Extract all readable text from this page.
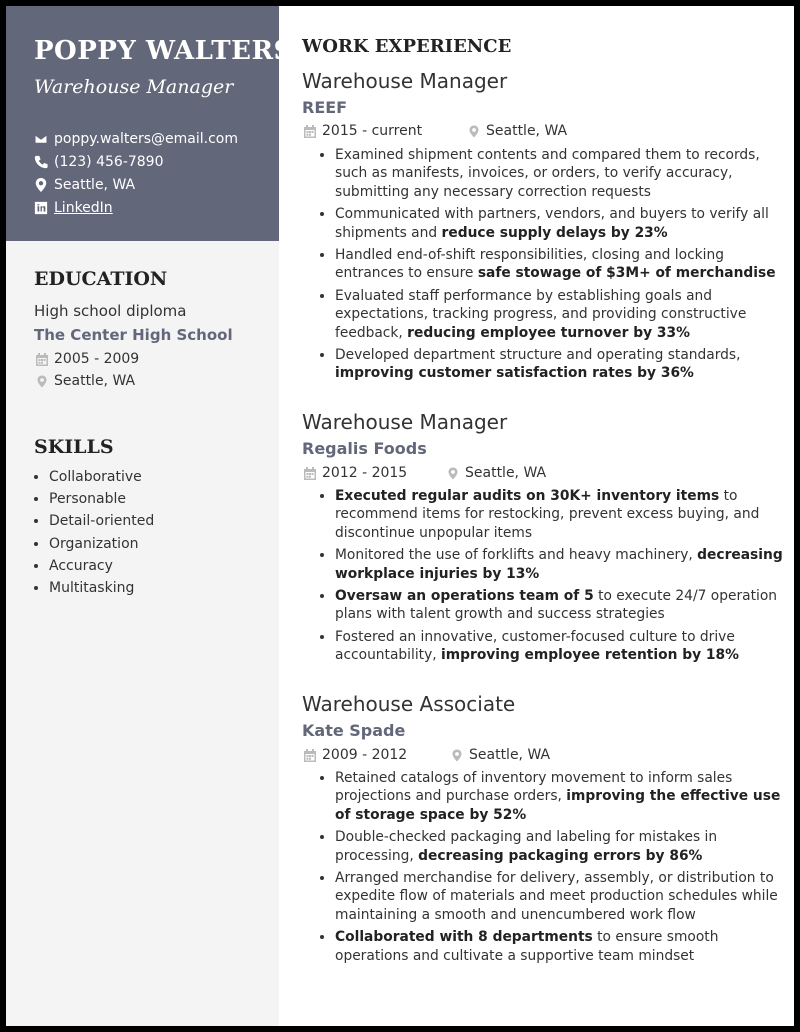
POPPY WALTERS
Warehouse Manager
poppy.walters@email.com
(123) 456-7890
Seattle, WA
LinkedIn
EDUCATION
High school diploma
The Center High School
2005 - 2009
Seattle, WA
SKILLS
• Collaborative
• Personable
• Detail-oriented
• Organization
• Accuracy
• Multitasking
WORK EXPERIENCE
Warehouse Manager
REEF
2015 - current	Seattle, WA
• Examined shipment contents and compared them to records, such as manifests, invoices, or orders, to verify accuracy, submitting any necessary correction requests
• Communicated with partners, vendors, and buyers to verify all shipments and reduce supply delays by 23%
• Handled end-of-shift responsibilities, closing and locking entrances to ensure safe stowage of $3M+ of merchandise
• Evaluated staff performance by establishing goals and expectations, tracking progress, and providing constructive feedback, reducing employee turnover by 33%
• Developed department structure and operating standards, improving customer satisfaction rates by 36%
Warehouse Manager
Regalis Foods
2012 - 2015	Seattle, WA
• Executed regular audits on 30K+ inventory items to recommend items for restocking, prevent excess buying, and discontinue unpopular items
• Monitored the use of forklifts and heavy machinery, decreasing workplace injuries by 13%
• Oversaw an operations team of 5 to execute 24/7 operation plans with talent growth and success strategies
• Fostered an innovative, customer-focused culture to drive accountability, improving employee retention by 18%
Warehouse Associate
Kate Spade
2009 - 2012	Seattle, WA
• Retained catalogs of inventory movement to inform sales projections and purchase orders, improving the effective use of storage space by 52%
• Double-checked packaging and labeling for mistakes in processing, decreasing packaging errors by 86%
• Arranged merchandise for delivery, assembly, or distribution to expedite flow of materials and meet production schedules while maintaining a smooth and unencumbered work flow
• Collaborated with 8 departments to ensure smooth operations and cultivate a supportive team mindset
